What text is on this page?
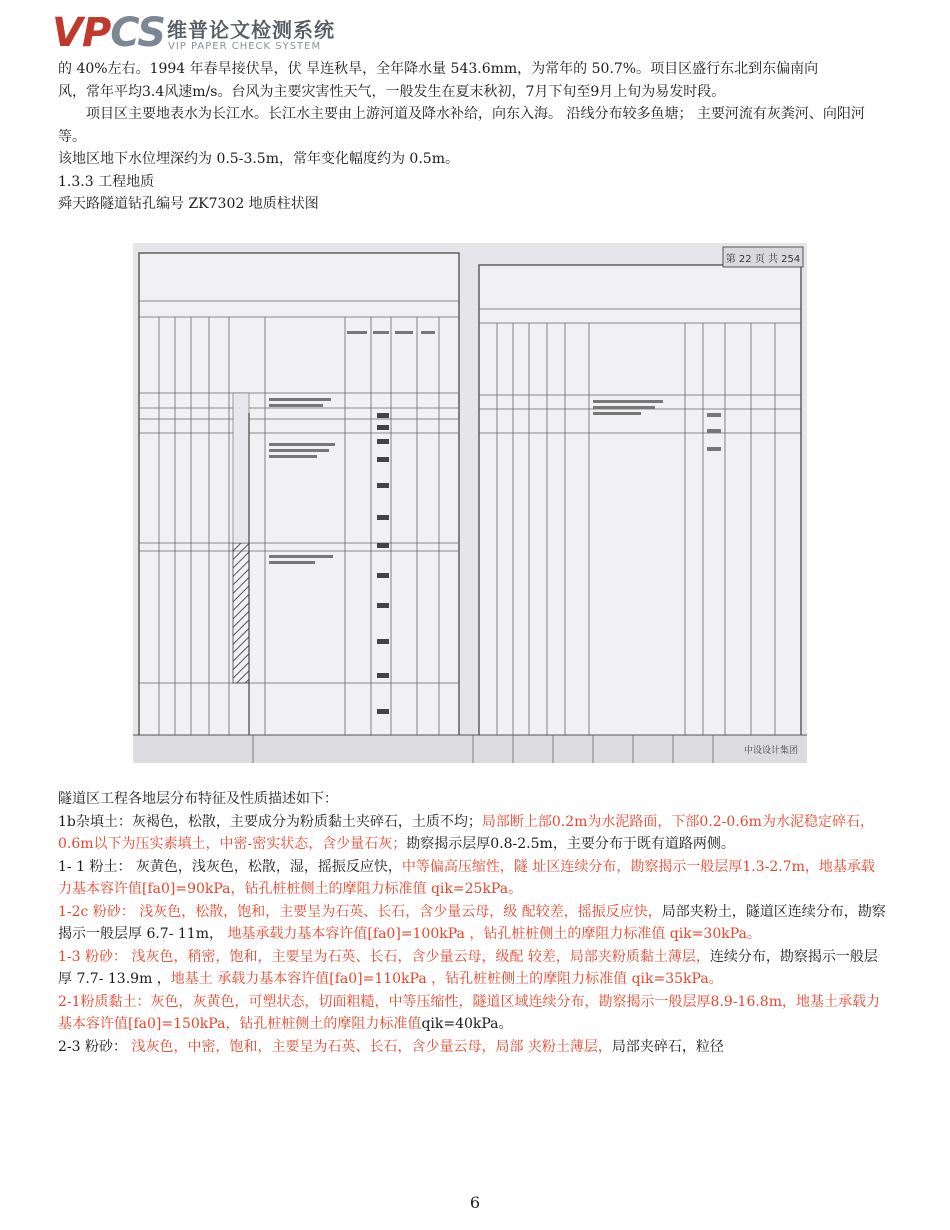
VPCS 维普论文检测系统
VIP PAPER CHECK SYSTEM

的 40%左右。1994 年春旱接伏旱，伏 旱连秋旱，全年降水量 543.6mm，为常年的 50.7%。项目区盛行东北到东偏南向

风，常年平均3.4风速m/s。台风为主要灾害性天气，一般发生在夏末秋初，7月下旬至9月上旬为易发时段。

项目区主要地表水为长江水。长江水主要由上游河道及降水补给，向东入海。 沿线分布较多鱼塘； 主要河流有灰粪河、向阳河等。

该地区地下水位埋深约为 0.5-3.5m，常年变化幅度约为 0.5m。

1.3.3 工程地质

舜天路隧道钻孔编号 ZK7302 地质柱状图

第 22 页 共 254
中设设计集团

隧道区工程各地层分布特征及性质描述如下：

1b杂填土：灰褐色，松散，主要成分为粉质黏土夹碎石，土质不均；局部断上部0.2m为水泥路面，下部0.2-0.6m为水泥稳定碎石，0.6m以下为压实素填土，中密-密实状态，含少量石灰；勘察揭示层厚0.8-2.5m，主要分布于既有道路两侧。

1- 1 粉土： 灰黄色，浅灰色，松散，湿，摇振反应快，中等偏高压缩性，隧 址区连续分布，勘察揭示一般层厚1.3-2.7m，地基承载力基本容许值[fa0]=90kPa，钻孔桩桩侧土的摩阻力标准值 qik=25kPa。

1-2c 粉砂： 浅灰色，松散，饱和，主要呈为石英、长石，含少量云母，级 配较差，摇振反应快，局部夹粉土，隧道区连续分布，勘察揭示一般层厚 6.7- 11m， 地基承载力基本容许值[fa0]=100kPa ，钻孔桩桩侧土的摩阻力标准值 qik=30kPa。

1-3 粉砂： 浅灰色，稍密，饱和，主要呈为石英、长石，含少量云母，级配 较差，局部夹粉质黏土薄层，连续分布，勘察揭示一般层厚 7.7- 13.9m ，地基土 承载力基本容许值[fa0]=110kPa ，钻孔桩桩侧土的摩阻力标准值 qik=35kPa。

2-1粉质黏土：灰色，灰黄色，可塑状态，切面粗糙，中等压缩性，隧道区域连续分布，勘察揭示一般层厚8.9-16.8m，地基土承载力基本容许值[fa0]=150kPa，钻孔桩桩侧土的摩阻力标准值qik=40kPa。

2-3 粉砂： 浅灰色，中密，饱和，主要呈为石英、长石，含少量云母，局部 夹粉土薄层，局部夹碎石，粒径

6
